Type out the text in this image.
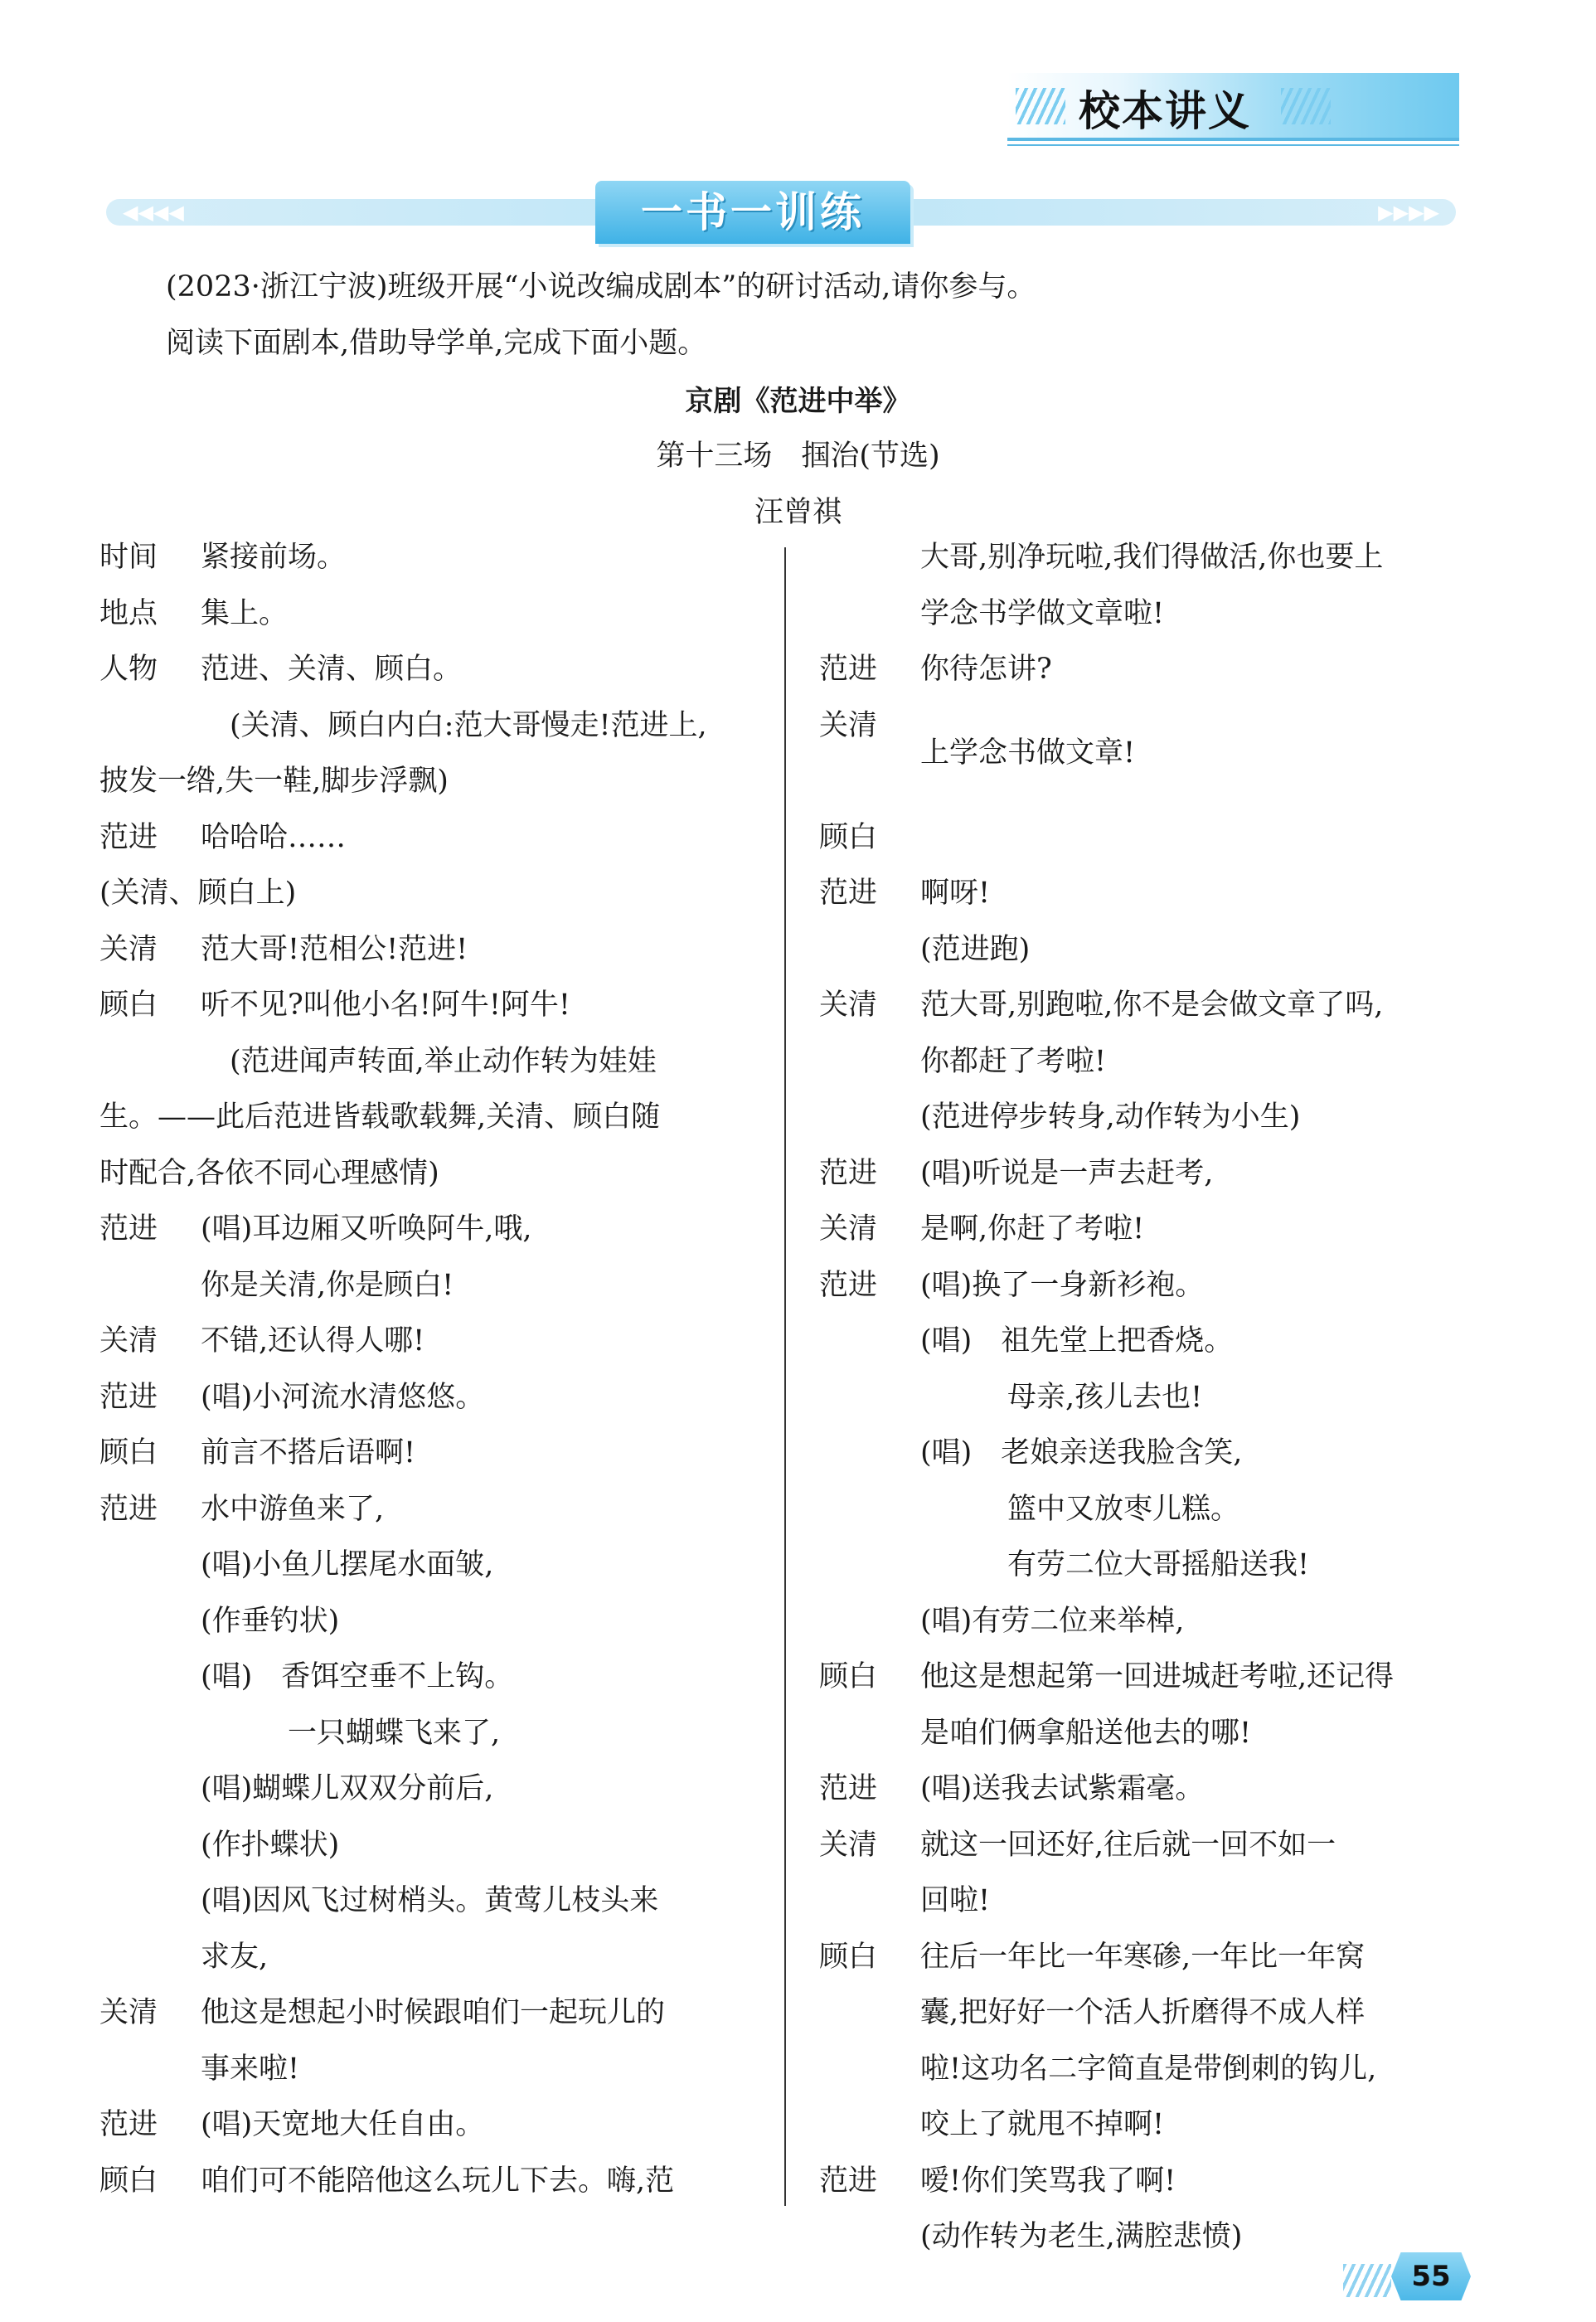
校本讲义
◀◀◀◀	▶▶▶▶
一书一训练
(2023·浙江宁波)班级开展“小说改编成剧本”的研讨活动,请你参与。
阅读下面剧本,借助导学单,完成下面小题。
京剧《范进中举》
第十三场　掴治(节选)
汪曾祺
时间 紧接前场。
地点 集上。
人物 范进、关清、顾白。
　(关清、顾白内白:范大哥慢走!范进上,
披发一绺,失一鞋,脚步浮飘)
范进 哈哈哈……
(关清、顾白上)
关清 范大哥!范相公!范进!
顾白 听不见?叫他小名!阿牛!阿牛!
　(范进闻声转面,举止动作转为娃娃
生。——此后范进皆载歌载舞,关清、顾白随
时配合,各依不同心理感情)
范进 (唱)耳边厢又听唤阿牛,哦,
你是关清,你是顾白!
关清 不错,还认得人哪!
范进 (唱)小河流水清悠悠。
顾白 前言不搭后语啊!
范进 水中游鱼来了,
(唱)小鱼儿摆尾水面皱,
(作垂钓状)
(唱)　香饵空垂不上钩。
　　　一只蝴蝶飞来了,
(唱)蝴蝶儿双双分前后,
(作扑蝶状)
(唱)因风飞过树梢头。黄莺儿枝头来
求友,
关清 他这是想起小时候跟咱们一起玩儿的
事来啦!
范进 (唱)天宽地大任自由。
顾白 咱们可不能陪他这么玩儿下去。嗨,范
大哥,别净玩啦,我们得做活,你也要上
学念书学做文章啦!
范进 你待怎讲?
关清
上学念书做文章!
顾白
范进 啊呀!
(范进跑)
关清 范大哥,别跑啦,你不是会做文章了吗,
你都赶了考啦!
(范进停步转身,动作转为小生)
范进 (唱)听说是一声去赶考,
关清 是啊,你赶了考啦!
范进 (唱)换了一身新衫袍。
(唱)　祖先堂上把香烧。
　　　母亲,孩儿去也!
(唱)　老娘亲送我脸含笑,
　　　篮中又放枣儿糕。
　　　有劳二位大哥摇船送我!
(唱)有劳二位来举棹,
顾白 他这是想起第一回进城赶考啦,还记得
是咱们俩拿船送他去的哪!
范进 (唱)送我去试紫霜毫。
关清 就这一回还好,往后就一回不如一
回啦!
顾白 往后一年比一年寒碜,一年比一年窝
囊,把好好一个活人折磨得不成人样
啦!这功名二字简直是带倒刺的钩儿,
咬上了就甩不掉啊!
范进 嗳!你们笑骂我了啊!
(动作转为老生,满腔悲愤)
55
